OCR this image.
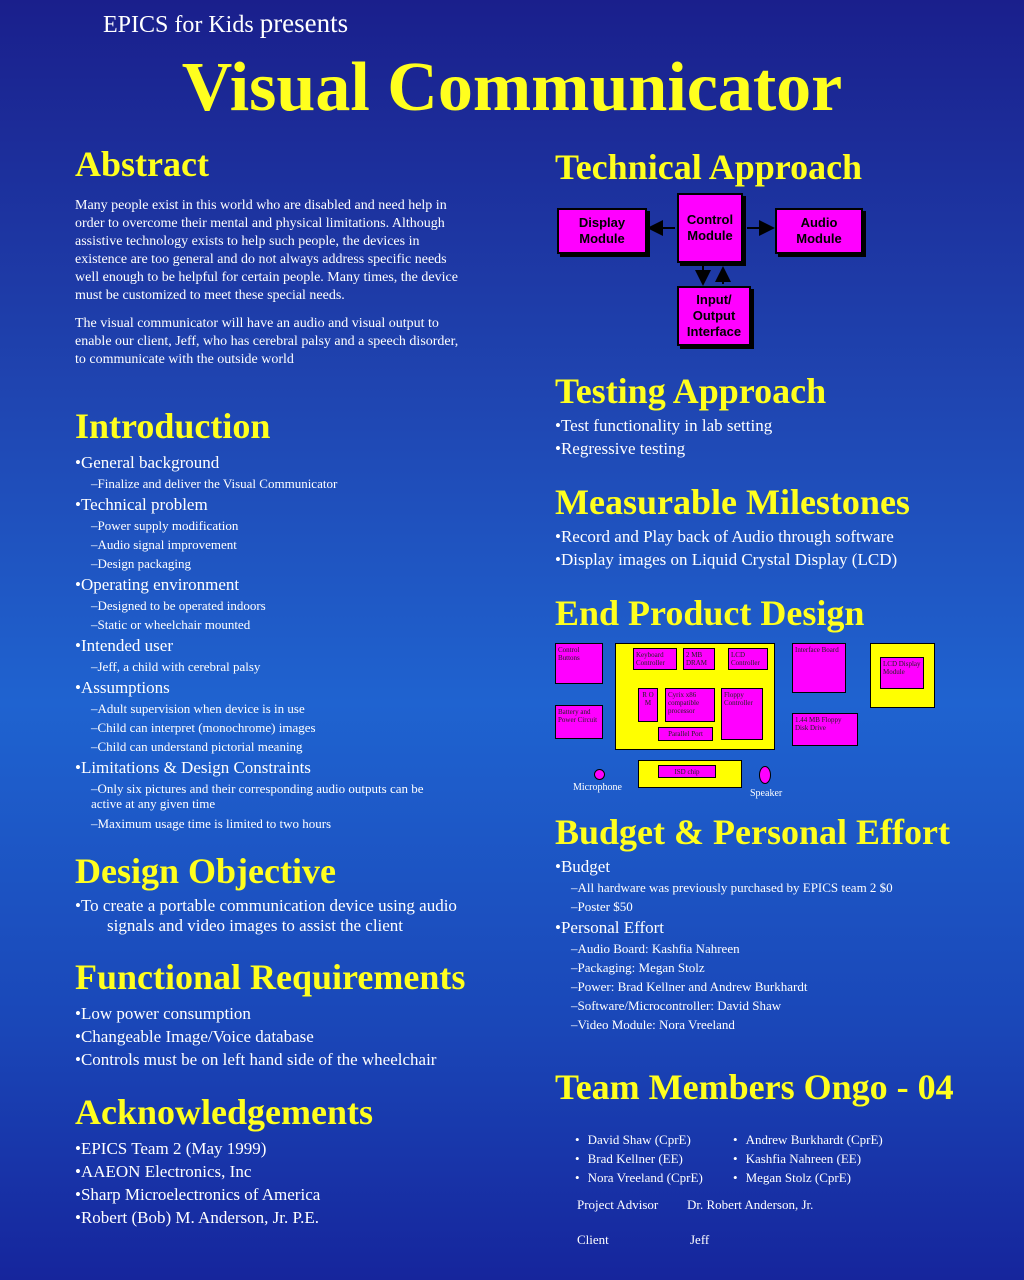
EPICS for Kids presents
Visual Communicator
Abstract

Many people exist in this world who are disabled and need help in order to overcome their mental and physical limitations. Although assistive technology exists to help such people, the devices in existence are too general and do not always address specific needs well enough to be helpful for certain people. Many times, the device must be customized to meet these special needs.

The visual communicator will have an audio and visual output to enable our client, Jeff, who has cerebral palsy and a speech disorder, to communicate with the outside world

Introduction

•General background

–Finalize and deliver the Visual Communicator

•Technical problem

–Power supply modification

–Audio signal improvement

–Design packaging

•Operating environment

–Designed to be operated indoors

–Static or wheelchair mounted

•Intended user

–Jeff, a child with cerebral palsy

•Assumptions

–Adult supervision when device is in use

–Child can interpret (monochrome) images

–Child can understand pictorial meaning

•Limitations & Design Constraints

–Only six pictures and their corresponding audio outputs can be active at any given time

–Maximum usage time is limited to two hours

Design Objective

•To create a portable communication device using audio signals and video images to assist the client

Functional Requirements

•Low power consumption

•Changeable Image/Voice database

•Controls must be on left hand side of the wheelchair

Acknowledgements

•EPICS Team 2 (May 1999)

•AAEON Electronics, Inc

•Sharp Microelectronics of America

•Robert (Bob) M. Anderson, Jr. P.E.

Technical Approach
Display Module
Control Module
Audio Module
Input/ Output Interface
Testing Approach

•Test functionality in lab setting

•Regressive testing

Measurable Milestones

•Record and Play back of Audio through software

•Display images on Liquid Crystal Display (LCD)

End Product Design
Control Buttons
Battery and Power Circuit
Keyboard Controller
2 MB DRAM
LCD Controller
R O M
Cyrix x86 compatible processor
Floppy Controller
Parallel Port
Interface Board
LCD Display Module
1.44 MB Floppy Disk Drive
ISD chip
Microphone
Speaker
Budget & Personal Effort

•Budget

–All hardware was previously purchased by EPICS team 2 $0

–Poster $50

•Personal Effort

–Audio Board: Kashfia Nahreen

–Packaging: Megan Stolz

–Power: Brad Kellner and Andrew Burkhardt

–Software/Microcontroller: David Shaw

–Video Module: Nora Vreeland

Team Members Ongo - 04
• David Shaw (CprE)
• Brad Kellner (EE)
• Nora Vreeland (CprE)
• Andrew Burkhardt (CprE)
• Kashfia Nahreen (EE)
• Megan Stolz (CprE)
Project Advisor Dr. Robert Anderson, Jr.
Client	Jeff
